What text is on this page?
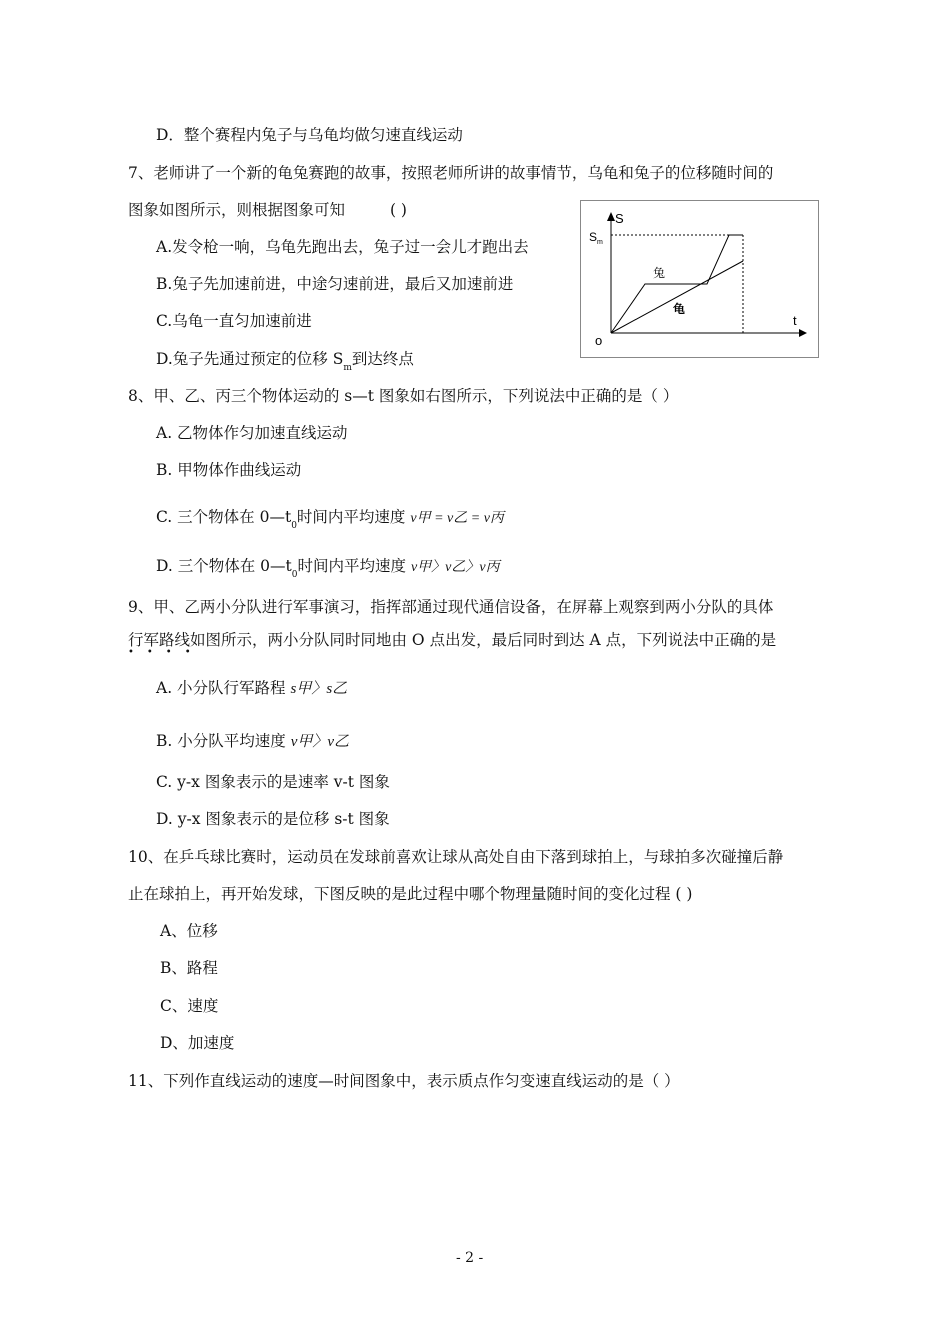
D．整个赛程内兔子与乌龟均做匀速直线运动
7、老师讲了一个新的龟兔赛跑的故事，按照老师所讲的故事情节，乌龟和兔子的位移随时间的
图象如图所示，则根据图象可知	( )
A.发令枪一响，乌龟先跑出去，兔子过一会儿才跑出去
B.兔子先加速前进，中途匀速前进，最后又加速前进
C.乌龟一直匀加速前进
D.兔子先通过预定的位移 $S_m$到达终点
S
$S_m$
t
o
兔
龟
8、甲、乙、丙三个物体运动的 s—t 图象如右图所示，下列说法中正确的是（ ）
A. 乙物体作匀加速直线运动
B. 甲物体作曲线运动
C. 三个物体在 $0—t_0$时间内平均速度 v甲 = v乙 = v丙
D. 三个物体在 $0—t_0$时间内平均速度 v甲〉v乙〉v丙
9、甲、乙两小分队进行军事演习，指挥部通过现代通信设备，在屏幕上观察到两小分队的具体
行军路线如图所示，两小分队同时同地由 O 点出发，最后同时到达 A 点，下列说法中正确的是
••••
A. 小分队行军路程 s甲〉s乙
B. 小分队平均速度 v甲〉v乙
C. y-x 图象表示的是速率 v-t 图象
D. y-x 图象表示的是位移 s-t 图象
10、在乒乓球比赛时，运动员在发球前喜欢让球从高处自由下落到球拍上，与球拍多次碰撞后静
止在球拍上，再开始发球，下图反映的是此过程中哪个物理量随时间的变化过程 ( )
A、位移
B、路程
C、速度
D、加速度
11、下列作直线运动的速度—时间图象中，表示质点作匀变速直线运动的是（ ）
- 2 -
